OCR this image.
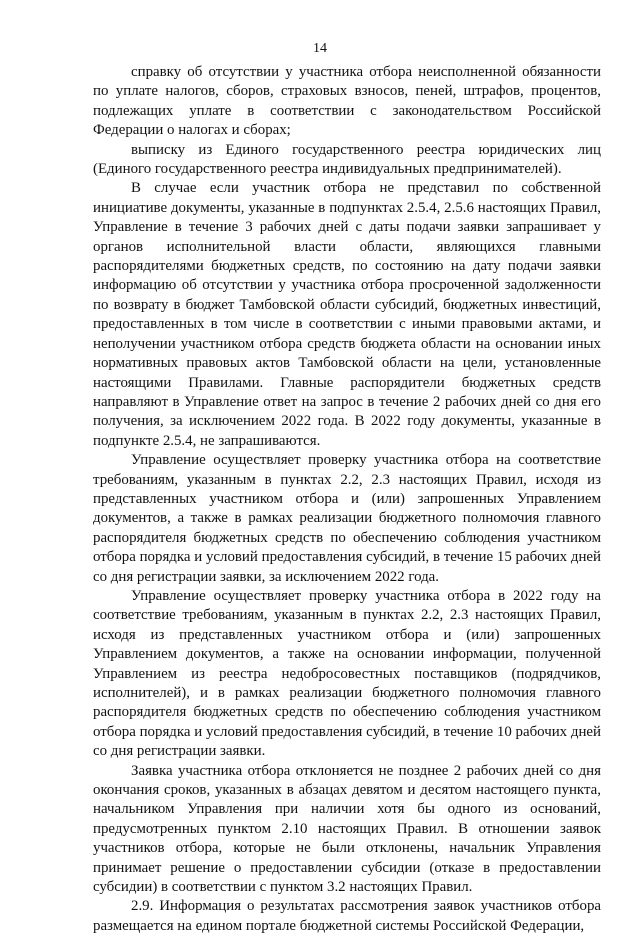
14

справку об отсутствии у участника отбора неисполненной обязанности по уплате налогов, сборов, страховых взносов, пеней, штрафов, процентов, подлежащих уплате в соответствии с законодательством Российской Федерации о налогах и сборах;

выписку из Единого государственного реестра юридических лиц (Единого государственного реестра индивидуальных предпринимателей).

В случае если участник отбора не представил по собственной инициативе документы, указанные в подпунктах 2.5.4, 2.5.6 настоящих Правил, Управление в течение 3 рабочих дней с даты подачи заявки запрашивает у органов исполнительной власти области, являющихся главными распорядителями бюджетных средств, по состоянию на дату подачи заявки информацию об отсутствии у участника отбора просроченной задолженности по возврату в бюджет Тамбовской области субсидий, бюджетных инвестиций, предоставленных в том числе в соответствии с иными правовыми актами, и неполучении участником отбора средств бюджета области на основании иных нормативных правовых актов Тамбовской области на цели, установленные настоящими Правилами. Главные распорядители бюджетных средств направляют в Управление ответ на запрос в течение 2 рабочих дней со дня его получения, за исключением 2022 года. В 2022 году документы, указанные в подпункте 2.5.4, не запрашиваются.

Управление осуществляет проверку участника отбора на соответствие требованиям, указанным в пунктах 2.2, 2.3 настоящих Правил, исходя из представленных участником отбора и (или) запрошенных Управлением документов, а также в рамках реализации бюджетного полномочия главного распорядителя бюджетных средств по обеспечению соблюдения участником отбора порядка и условий предоставления субсидий, в течение 15 рабочих дней со дня регистрации заявки, за исключением 2022 года.

Управление осуществляет проверку участника отбора в 2022 году на соответствие требованиям, указанным в пунктах 2.2, 2.3 настоящих Правил, исходя из представленных участником отбора и (или) запрошенных Управлением документов, а также на основании информации, полученной Управлением из реестра недобросовестных поставщиков (подрядчиков, исполнителей), и в рамках реализации бюджетного полномочия главного распорядителя бюджетных средств по обеспечению соблюдения участником отбора порядка и условий предоставления субсидий, в течение 10 рабочих дней со дня регистрации заявки.

Заявка участника отбора отклоняется не позднее 2 рабочих дней со дня окончания сроков, указанных в абзацах девятом и десятом настоящего пункта, начальником Управления при наличии хотя бы одного из оснований, предусмотренных пунктом 2.10 настоящих Правил. В отношении заявок участников отбора, которые не были отклонены, начальник Управления принимает решение о предоставлении субсидии (отказе в предоставлении субсидии) в соответствии с пунктом 3.2 настоящих Правил.

2.9. Информация о результатах рассмотрения заявок участников отбора размещается на едином портале бюджетной системы Российской Федерации,
